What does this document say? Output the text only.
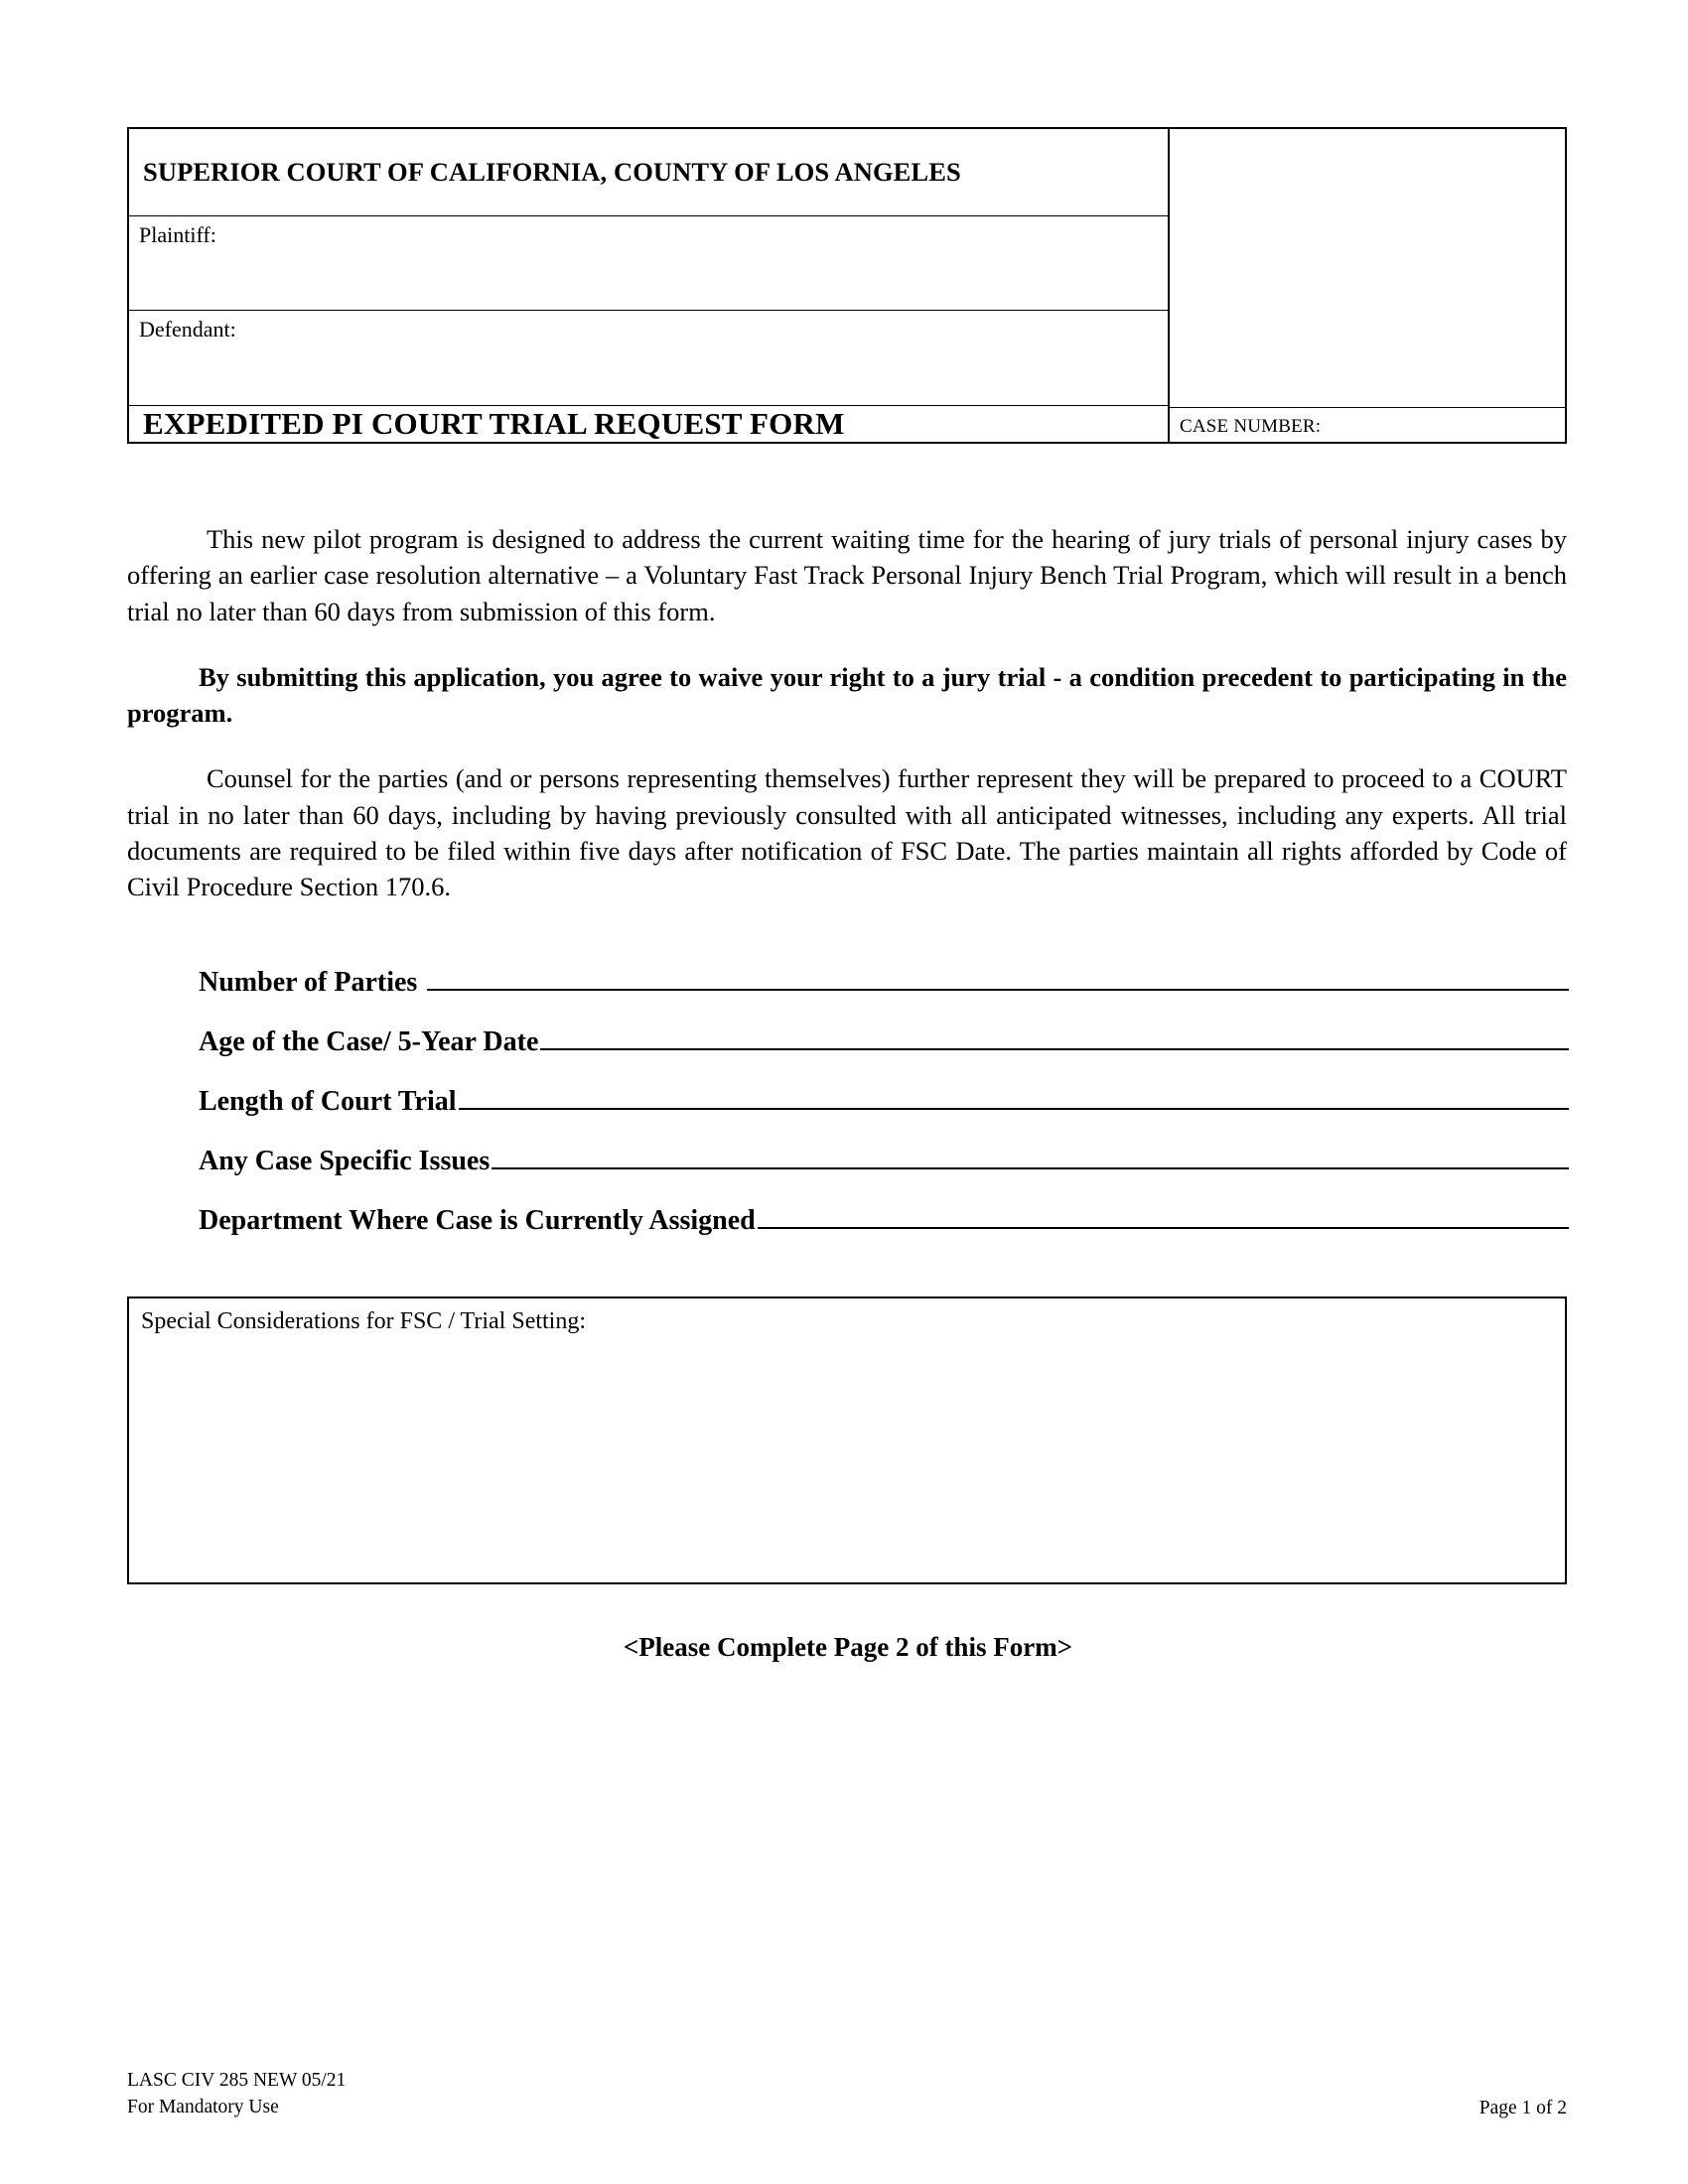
SUPERIOR COURT OF CALIFORNIA, COUNTY OF LOS ANGELES
Plaintiff:
Defendant:
EXPEDITED PI COURT TRIAL REQUEST FORM	CASE NUMBER:

This new pilot program is designed to address the current waiting time for the hearing of jury trials of personal injury cases by offering an earlier case resolution alternative – a Voluntary Fast Track Personal Injury Bench Trial Program, which will result in a bench trial no later than 60 days from submission of this form.

By submitting this application, you agree to waive your right to a jury trial - a condition precedent to participating in the program.

Counsel for the parties (and or persons representing themselves) further represent they will be prepared to proceed to a COURT trial in no later than 60 days, including by having previously consulted with all anticipated witnesses, including any experts. All trial documents are required to be filed within five days after notification of FSC Date. The parties maintain all rights afforded by Code of Civil Procedure Section 170.6.

Number of Parties
Age of the Case/ 5-Year Date
Length of Court Trial
Any Case Specific Issues
Department Where Case is Currently Assigned
Special Considerations for FSC / Trial Setting:
<Please Complete Page 2 of this Form>
LASC CIV 285 NEW 05/21
For Mandatory Use	Page 1 of 2
